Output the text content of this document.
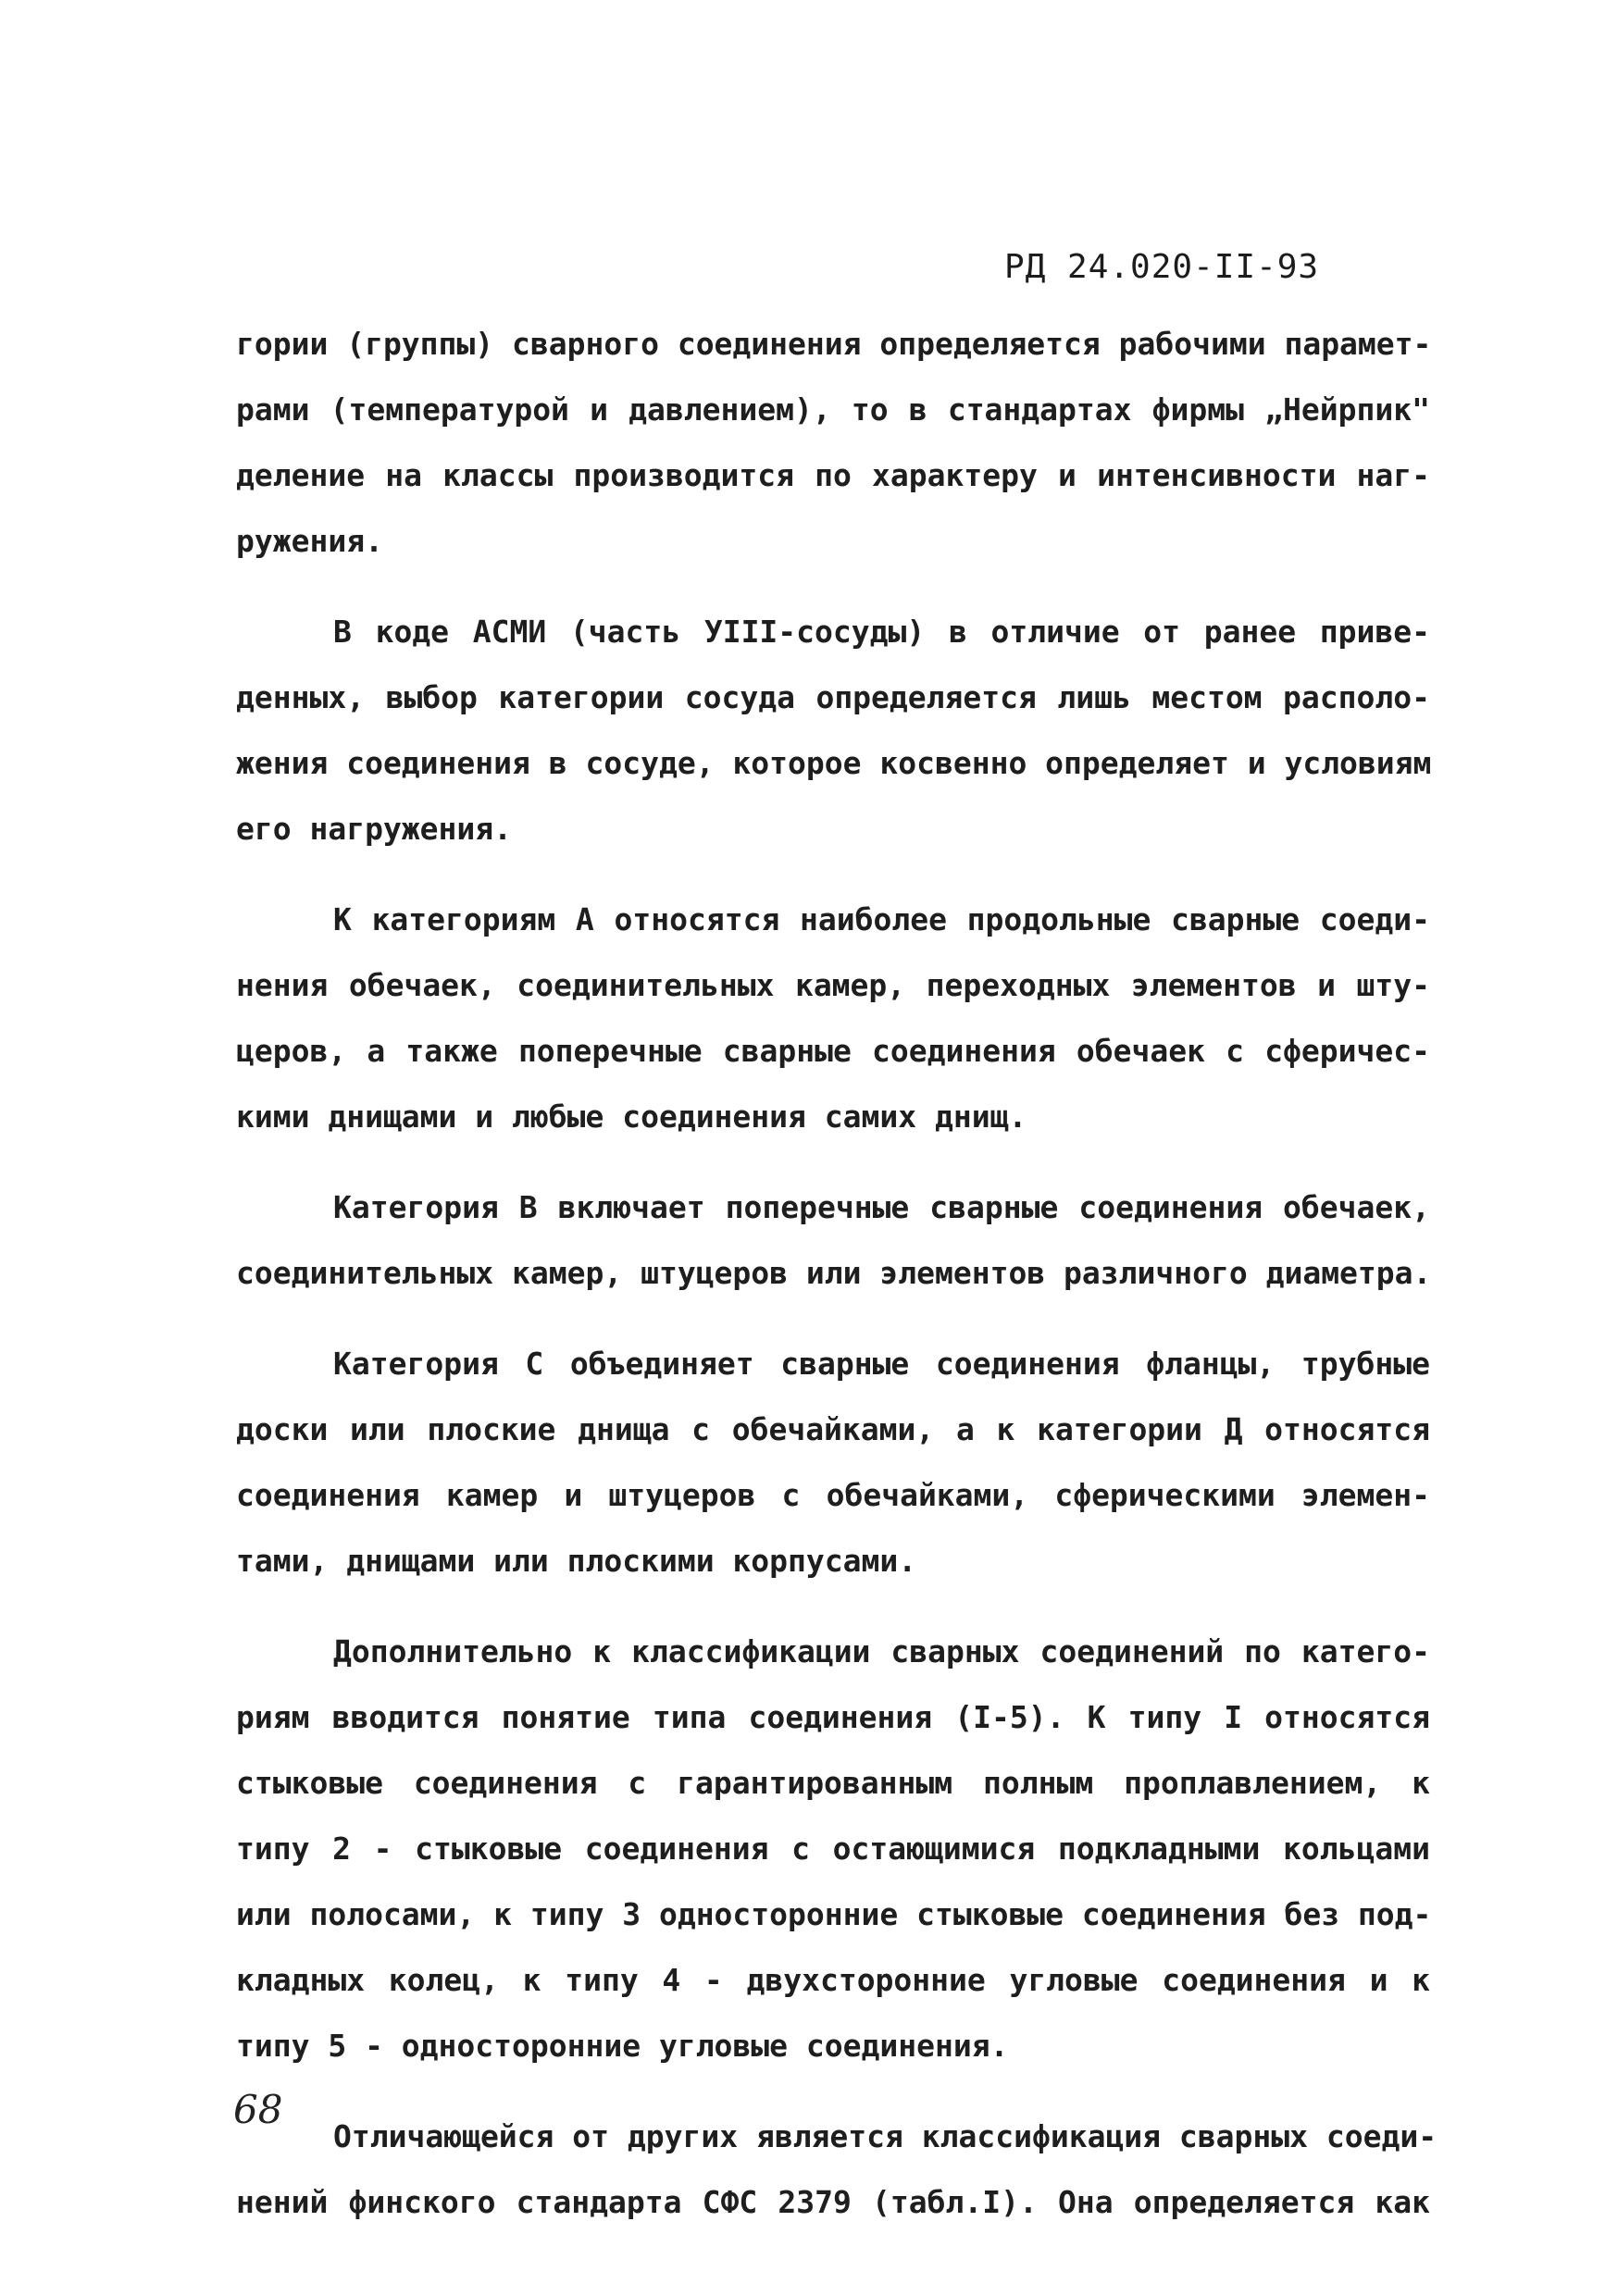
РД 24.020-II-93
гории (группы) сварного соединения определяется рабочими парамет-
рами (температурой и давлением), то в стандартах фирмы „Нейрпик"
деление на классы производится по характеру и интенсивности наг-
ружения.
В коде АСМИ (часть УIII-сосуды) в отличие от ранее приве-
денных, выбор категории сосуда определяется лишь местом располо-
жения соединения в сосуде, которое косвенно определяет и условиям
его нагружения.
К категориям А относятся наиболее продольные сварные соеди-
нения обечаек, соединительных камер, переходных элементов и шту-
церов, а также поперечные сварные соединения обечаек с сферичес-
кими днищами и любые соединения самих днищ.
Категория В включает поперечные сварные соединения обечаек,
соединительных камер, штуцеров или элементов различного диаметра.
Категория С объединяет сварные соединения фланцы, трубные
доски или плоские днища с обечайками, а к категории Д относятся
соединения камер и штуцеров с обечайками, сферическими элемен-
тами, днищами или плоскими корпусами.
Дополнительно к классификации сварных соединений по катего-
риям вводится понятие типа соединения (I-5). К типу I относятся
стыковые соединения с гарантированным полным проплавлением, к
типу 2 - стыковые соединения с остающимися подкладными кольцами
или полосами, к типу 3 односторонние стыковые соединения без под-
кладных колец, к типу 4 - двухсторонние угловые соединения и к
типу 5 - односторонние угловые соединения.
Отличающейся от других является классификация сварных соеди-
нений финского стандарта СФС 2379 (табл.I). Она определяется как
68
